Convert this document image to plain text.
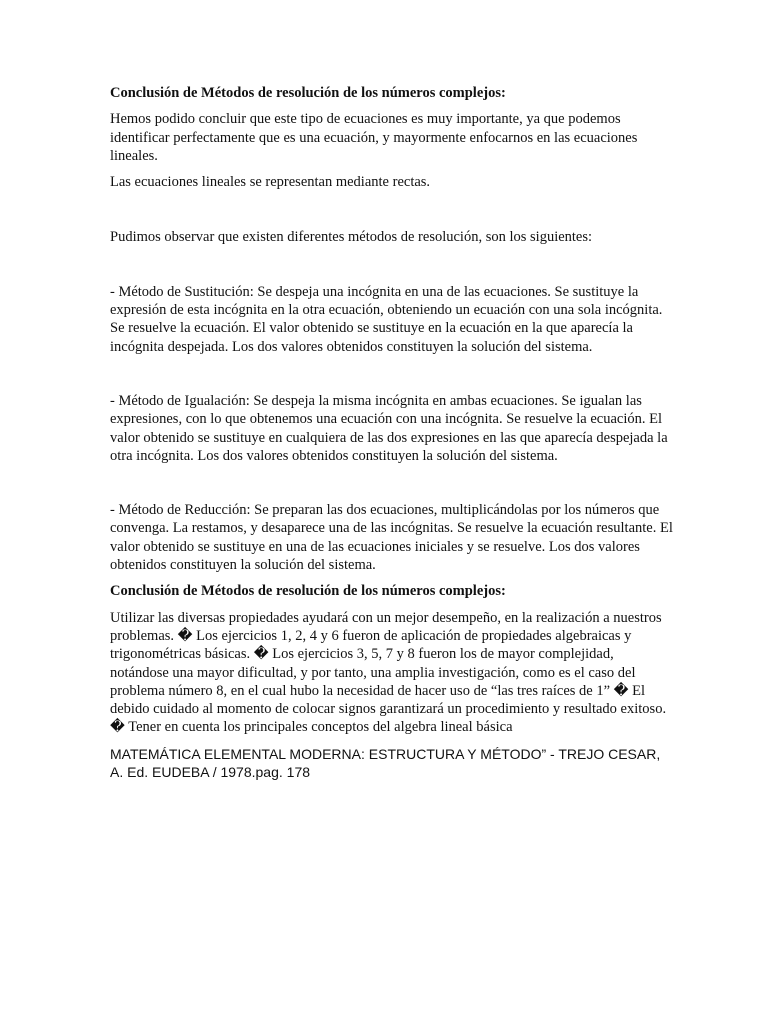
Conclusión de Métodos de resolución de los números complejos:

Hemos podido concluir que este tipo de ecuaciones es muy importante, ya que podemos identificar perfectamente que es una ecuación, y mayormente enfocarnos en las ecuaciones lineales.

Las ecuaciones lineales se representan mediante rectas.

Pudimos observar que existen diferentes métodos de resolución, son los siguientes:

- Método de Sustitución: Se despeja una incógnita en una de las ecuaciones. Se sustituye la expresión de esta incógnita en la otra ecuación, obteniendo un ecuación con una sola incógnita. Se resuelve la ecuación. El valor obtenido se sustituye en la ecuación en la que aparecía la incógnita despejada. Los dos valores obtenidos constituyen la solución del sistema.

- Método de Igualación: Se despeja la misma incógnita en ambas ecuaciones. Se igualan las expresiones, con lo que obtenemos una ecuación con una incógnita. Se resuelve la ecuación. El valor obtenido se sustituye en cualquiera de las dos expresiones en las que aparecía despejada la otra incógnita. Los dos valores obtenidos constituyen la solución del sistema.

- Método de Reducción: Se preparan las dos ecuaciones, multiplicándolas por los números que convenga. La restamos, y desaparece una de las incógnitas. Se resuelve la ecuación resultante. El valor obtenido se sustituye en una de las ecuaciones iniciales y se resuelve. Los dos valores obtenidos constituyen la solución del sistema.

Conclusión de Métodos de resolución de los números complejos:

Utilizar las diversas propiedades ayudará con un mejor desempeño, en la realización a nuestros problemas. � Los ejercicios 1, 2, 4 y 6 fueron de aplicación de propiedades algebraicas y trigonométricas básicas. � Los ejercicios 3, 5, 7 y 8 fueron los de mayor complejidad, notándose una mayor dificultad, y por tanto, una amplia investigación, como es el caso del problema número 8, en el cual hubo la necesidad de hacer uso de “las tres raíces de 1” � El debido cuidado al momento de colocar signos garantizará un procedimiento y resultado exitoso. � Tener en cuenta los principales conceptos del algebra lineal básica

MATEMÁTICA ELEMENTAL MODERNA: ESTRUCTURA Y MÉTODO” - TREJO CESAR, A. Ed. EUDEBA / 1978.pag. 178
